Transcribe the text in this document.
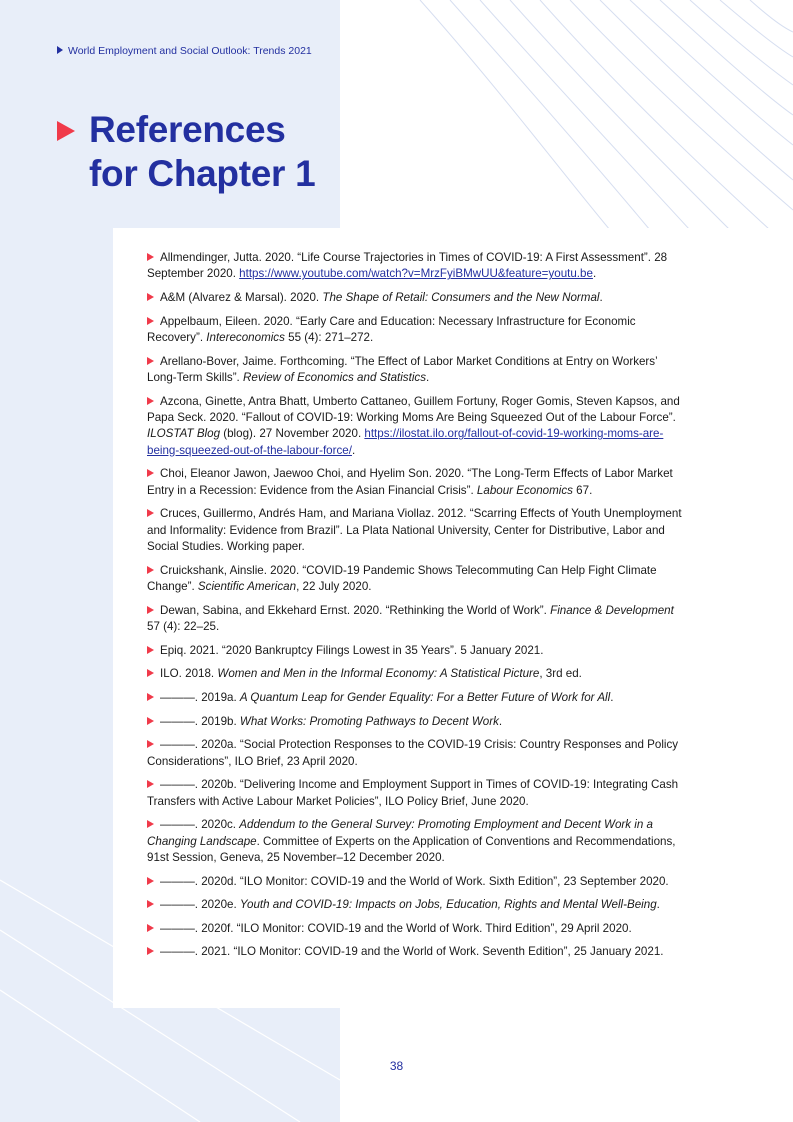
World Employment and Social Outlook: Trends 2021
References
for Chapter 1
Allmendinger, Jutta. 2020. “Life Course Trajectories in Times of COVID-19: A First Assessment”. 28 September 2020. https://www.youtube.com/watch?v=MrzFyiBMwUU&feature=youtu.be.
A&M (Alvarez & Marsal). 2020. The Shape of Retail: Consumers and the New Normal.
Appelbaum, Eileen. 2020. “Early Care and Education: Necessary Infrastructure for Economic Recovery”. Intereconomics 55 (4): 271–272.
Arellano-Bover, Jaime. Forthcoming. “The Effect of Labor Market Conditions at Entry on Workers’ Long-Term Skills”. Review of Economics and Statistics.
Azcona, Ginette, Antra Bhatt, Umberto Cattaneo, Guillem Fortuny, Roger Gomis, Steven Kapsos, and Papa Seck. 2020. “Fallout of COVID-19: Working Moms Are Being Squeezed Out of the Labour Force”. ILOSTAT Blog (blog). 27 November 2020. https://ilostat.ilo.org/fallout-of-covid-19-working-moms-are-being-squeezed-out-of-the-labour-force/.
Choi, Eleanor Jawon, Jaewoo Choi, and Hyelim Son. 2020. “The Long-Term Effects of Labor Market Entry in a Recession: Evidence from the Asian Financial Crisis”. Labour Economics 67.
Cruces, Guillermo, Andrés Ham, and Mariana Viollaz. 2012. “Scarring Effects of Youth Unemployment and Informality: Evidence from Brazil”. La Plata National University, Center for Distributive, Labor and Social Studies. Working paper.
Cruickshank, Ainslie. 2020. “COVID-19 Pandemic Shows Telecommuting Can Help Fight Climate Change”. Scientific American, 22 July 2020.
Dewan, Sabina, and Ekkehard Ernst. 2020. “Rethinking the World of Work”. Finance & Development 57 (4): 22–25.
Epiq. 2021. “2020 Bankruptcy Filings Lowest in 35 Years”. 5 January 2021.
ILO. 2018. Women and Men in the Informal Economy: A Statistical Picture, 3rd ed.
———. 2019a. A Quantum Leap for Gender Equality: For a Better Future of Work for All.
———. 2019b. What Works: Promoting Pathways to Decent Work.
———. 2020a. “Social Protection Responses to the COVID-19 Crisis: Country Responses and Policy Considerations”, ILO Brief, 23 April 2020.
———. 2020b. “Delivering Income and Employment Support in Times of COVID-19: Integrating Cash Transfers with Active Labour Market Policies”, ILO Policy Brief, June 2020.
———. 2020c. Addendum to the General Survey: Promoting Employment and Decent Work in a Changing Landscape. Committee of Experts on the Application of Conventions and Recommendations, 91st Session, Geneva, 25 November–12 December 2020.
———. 2020d. “ILO Monitor: COVID-19 and the World of Work. Sixth Edition”, 23 September 2020.
———. 2020e. Youth and COVID-19: Impacts on Jobs, Education, Rights and Mental Well-Being.
———. 2020f. “ILO Monitor: COVID-19 and the World of Work. Third Edition”, 29 April 2020.
———. 2021. “ILO Monitor: COVID-19 and the World of Work. Seventh Edition”, 25 January 2021.
38
